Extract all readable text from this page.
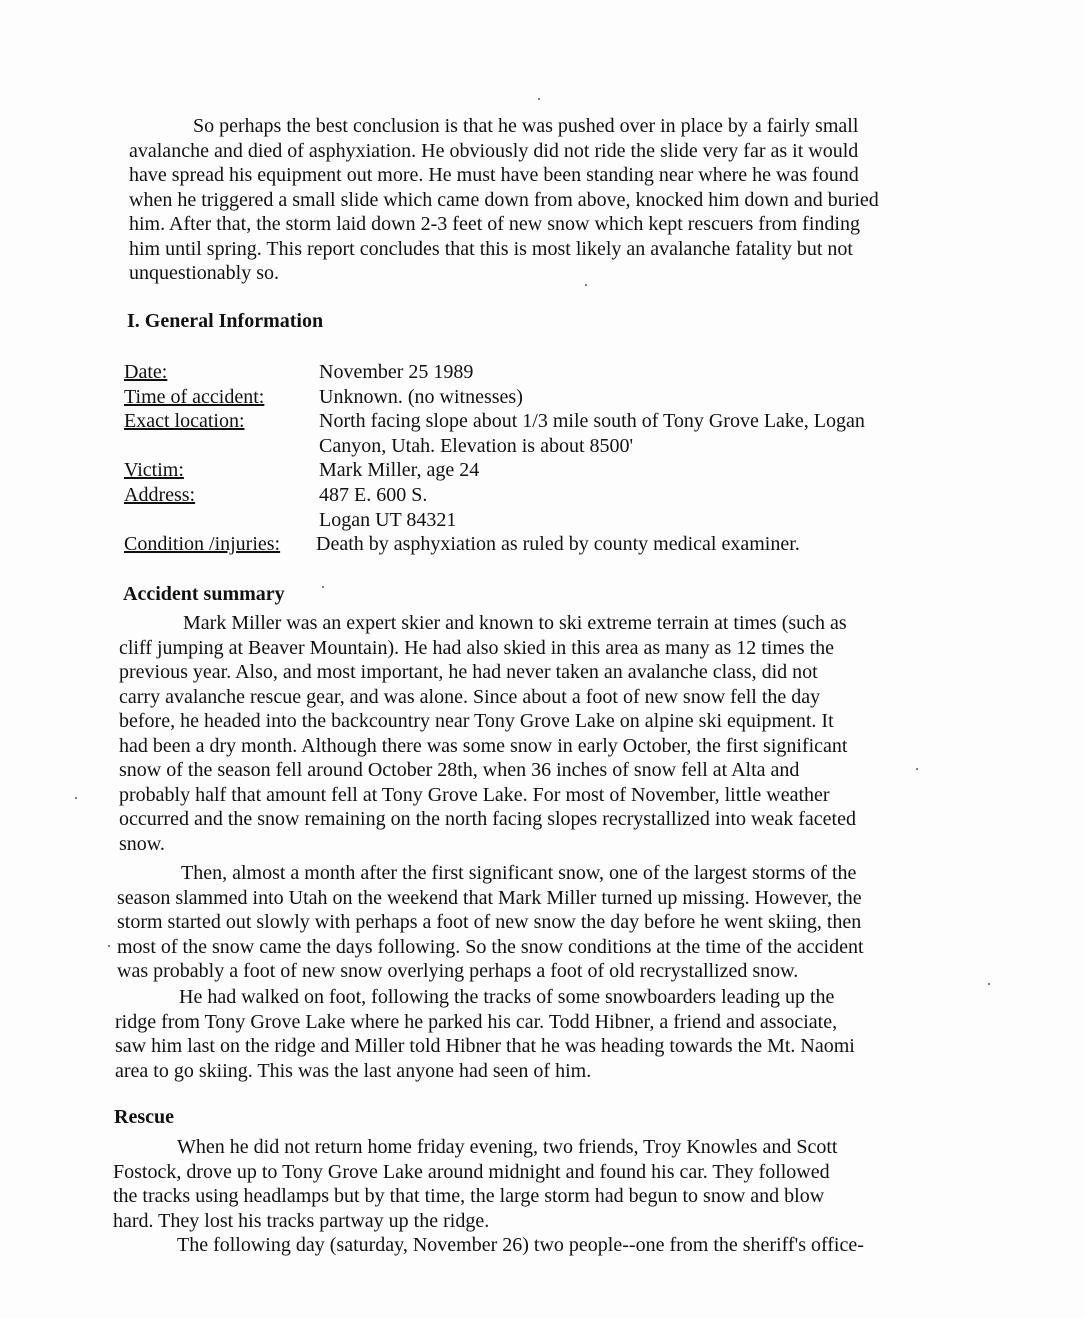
So perhaps the best conclusion is that he was pushed over in place by a fairly small
avalanche and died of asphyxiation. He obviously did not ride the slide very far as it would
have spread his equipment out more. He must have been standing near where he was found
when he triggered a small slide which came down from above, knocked him down and buried
him. After that, the storm laid down 2-3 feet of new snow which kept rescuers from finding
him until spring. This report concludes that this is most likely an avalanche fatality but not
unquestionably so.
I. General Information
Date:	November 25 1989
Time of accident:	Unknown. (no witnesses)
Exact location:	North facing slope about 1/3 mile south of Tony Grove Lake, Logan
Canyon, Utah. Elevation is about 8500'
Victim:	Mark Miller, age 24
Address:	487 E. 600 S.
Logan UT 84321
Condition /injuries: Death by asphyxiation as ruled by county medical examiner.
Accident summary
Mark Miller was an expert skier and known to ski extreme terrain at times (such as
cliff jumping at Beaver Mountain). He had also skied in this area as many as 12 times the
previous year. Also, and most important, he had never taken an avalanche class, did not
carry avalanche rescue gear, and was alone. Since about a foot of new snow fell the day
before, he headed into the backcountry near Tony Grove Lake on alpine ski equipment. It
had been a dry month. Although there was some snow in early October, the first significant
snow of the season fell around October 28th, when 36 inches of snow fell at Alta and
probably half that amount fell at Tony Grove Lake. For most of November, little weather
occurred and the snow remaining on the north facing slopes recrystallized into weak faceted
snow.
Then, almost a month after the first significant snow, one of the largest storms of the
season slammed into Utah on the weekend that Mark Miller turned up missing. However, the
storm started out slowly with perhaps a foot of new snow the day before he went skiing, then
most of the snow came the days following. So the snow conditions at the time of the accident
was probably a foot of new snow overlying perhaps a foot of old recrystallized snow.
He had walked on foot, following the tracks of some snowboarders leading up the
ridge from Tony Grove Lake where he parked his car. Todd Hibner, a friend and associate,
saw him last on the ridge and Miller told Hibner that he was heading towards the Mt. Naomi
area to go skiing. This was the last anyone had seen of him.
Rescue
When he did not return home friday evening, two friends, Troy Knowles and Scott
Fostock, drove up to Tony Grove Lake around midnight and found his car. They followed
the tracks using headlamps but by that time, the large storm had begun to snow and blow
hard. They lost his tracks partway up the ridge.
The following day (saturday, November 26) two people--one from the sheriff's office-
